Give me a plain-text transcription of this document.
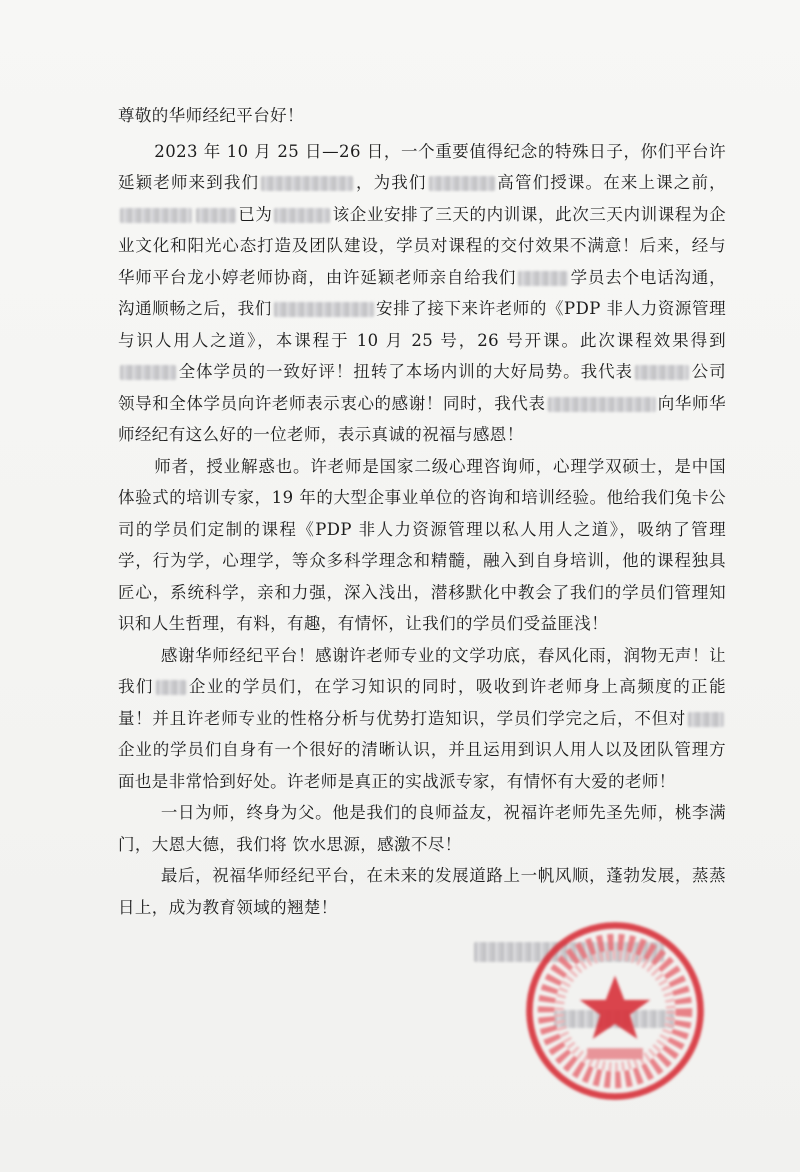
尊敬的华师经纪平台好！

2023 年 10 月 25 日—26 日，一个重要值得纪念的特殊日子，你们平台许延颖老师来到我们	，为我们	高管们授课。在来上课之前，已为	该企业安排了三天的内训课，此次三天内训课程为企业文化和阳光心态打造及团队建设，学员对课程的交付效果不满意！后来，经与华师平台龙小婷老师协商，由许延颖老师亲自给我们	学员去个电话沟通，沟通顺畅之后，我们	安排了接下来许老师的《PDP 非人力资源管理与识人用人之道》，本课程于 10 月 25 号，26 号开课。此次课程效果得到全体学员的一致好评！扭转了本场内训的大好局势。我代表	公司领导和全体学员向许老师表示衷心的感谢！同时，我代表	向华师华师经纪有这么好的一位老师，表示真诚的祝福与感恩！

师者，授业解惑也。许老师是国家二级心理咨询师，心理学双硕士，是中国体验式的培训专家，19 年的大型企事业单位的咨询和培训经验。他给我们兔卡公司的学员们定制的课程《PDP 非人力资源管理以私人用人之道》，吸纳了管理学，行为学，心理学，等众多科学理念和精髓，融入到自身培训，他的课程独具匠心，系统科学，亲和力强，深入浅出，潜移默化中教会了我们的学员们管理知识和人生哲理，有料，有趣，有情怀，让我们的学员们受益匪浅！

感谢华师经纪平台！感谢许老师专业的文学功底，春风化雨，润物无声！让我们 企业的学员们，在学习知识的同时，吸收到许老师身上高频度的正能量！并且许老师专业的性格分析与优势打造知识，学员们学完之后，不但对企业的学员们自身有一个很好的清晰认识，并且运用到识人用人以及团队管理方面也是非常恰到好处。许老师是真正的实战派专家，有情怀有大爱的老师！

一日为师，终身为父。他是我们的良师益友，祝福许老师先圣先师，桃李满门，大恩大德，我们将 饮水思源，感激不尽！

最后，祝福华师经纪平台，在未来的发展道路上一帆风顺，蓬勃发展，蒸蒸日上，成为教育领域的翘楚！
